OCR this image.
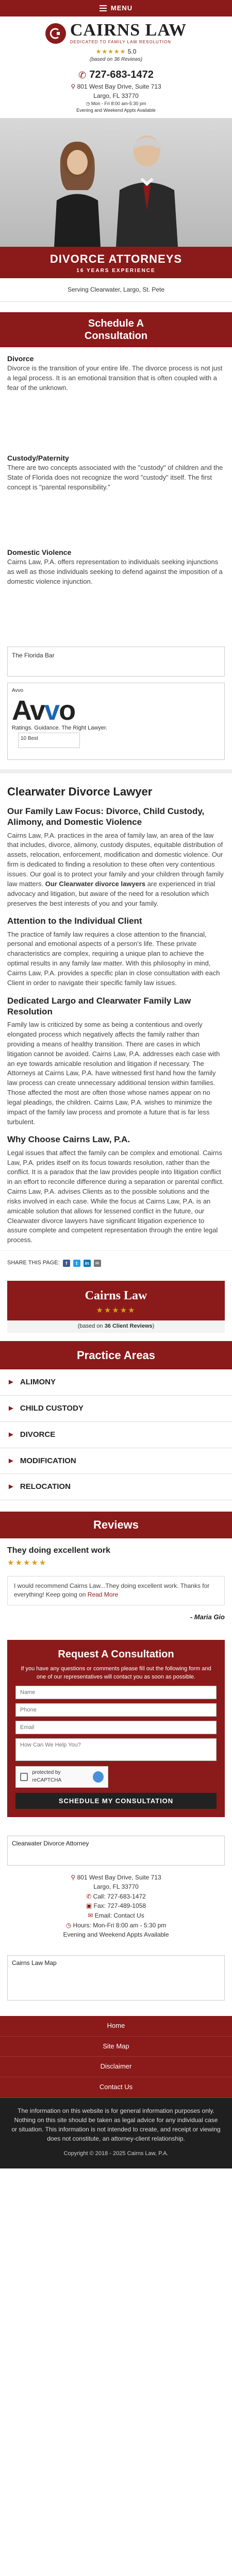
MENU
CAIRNS LAW
DEDICATED TO FAMILY LAW RESOLUTION
★★★★★ 5.0
(based on 36 Reviews)
✆ 727-683-1472
⚲ 801 West Bay Drive, Suite 713
Largo, FL 33770
◷ Mon - Fri 8:00 am-5:30 pm
Evening and Weekend Appts Available
DIVORCE ATTORNEYS
16 YEARS EXPERIENCE
Serving Clearwater, Largo, St. Pete
Schedule A Consultation
Divorce

Divorce is the transition of your entire life. The divorce process is not just a legal process. It is an emotional transition that is often coupled with a fear of the unknown.

Custody/Paternity

There are two concepts associated with the "custody" of children and the State of Florida does not recognize the word "custody" itself. The first concept is "parental responsibility."

Domestic Violence

Cairns Law, P.A. offers representation to individuals seeking injunctions as well as those individuals seeking to defend against the imposition of a domestic violence injunction.

The Florida Bar
Avvo
Avvo
Ratings. Guidance. The Right Lawyer.
10 Best
Clearwater Divorce Lawyer
Our Family Law Focus: Divorce, Child Custody, Alimony, and Domestic Violence

Cairns Law, P.A. practices in the area of family law, an area of the law that includes, divorce, alimony, custody disputes, equitable distribution of assets, relocation, enforcement, modification and domestic violence. Our firm is dedicated to finding a resolution to these often very contentious issues. Our goal is to protect your family and your children through family law matters. Our Clearwater divorce lawyers are experienced in trial advocacy and litigation, but aware of the need for a resolution which preserves the best interests of you and your family.

Attention to the Individual Client

The practice of family law requires a close attention to the financial, personal and emotional aspects of a person's life. These private characteristics are complex, requiring a unique plan to achieve the optimal results in any family law matter. With this philosophy in mind, Cairns Law, P.A. provides a specific plan in close consultation with each Client in order to navigate their specific family law issues.

Dedicated Largo and Clearwater Family Law Resolution

Family law is criticized by some as being a contentious and overly elongated process which negatively affects the family rather than providing a means of healthy transition. There are cases in which litigation cannot be avoided. Cairns Law, P.A. addresses each case with an eye towards amicable resolution and litigation if necessary. The Attorneys at Cairns Law, P.A. have witnessed first hand how the family law process can create unnecessary additional tension within families. Those affected the most are often those whose names appear on no legal pleadings, the children. Cairns Law, P.A. wishes to minimize the impact of the family law process and promote a future that is far less turbulent.

Why Choose Cairns Law, P.A.

Legal issues that affect the family can be complex and emotional. Cairns Law, P.A. prides itself on its focus towards resolution, rather than the conflict. It is a paradox that the law provides people into litigation conflict in an effort to reconcile difference during a separation or parental conflict. Cairns Law, P.A. advises Clients as to the possible solutions and the risks involved in each case. While the focus at Cairns Law, P.A. is an amicable solution that allows for lessened conflict in the future, our Clearwater divorce lawyers have significant litigation experience to assure complete and competent representation through the entire legal process.

SHARE THIS PAGE:	f	t	in	✉
Cairns Law
★★★★★
(based on 36 Client Reviews)
Practice Areas
► ALIMONY
► CHILD CUSTODY
► DIVORCE
► MODIFICATION
► RELOCATION
Reviews
They doing excellent work
★★★★★
I would recommend Cairns Law...They doing excellent work. Thanks for everything! Keep going on Read More
- Maria Gio
Request A Consultation
If you have any questions or comments please fill out the following form and one of our representatives will contact you as soon as possible.
Name
Phone
Email
How Can We Help You?
protected by reCAPTCHA
SCHEDULE MY CONSULTATION
Clearwater Divorce Attorney
⚲ 801 West Bay Drive, Suite 713
Largo, FL 33770
✆ Call: 727-683-1472
▣ Fax: 727-489-1058
✉ Email: Contact Us
◷ Hours: Mon-Fri 8:00 am - 5:30 pm
Evening and Weekend Appts Available
Cairns Law Map
Home
Site Map
Disclaimer
Contact Us
The information on this website is for general information purposes only. Nothing on this site should be taken as legal advice for any individual case or situation. This information is not intended to create, and receipt or viewing does not constitute, an attorney-client relationship.
Copyright © 2018 - 2025 Cairns Law, P.A.
